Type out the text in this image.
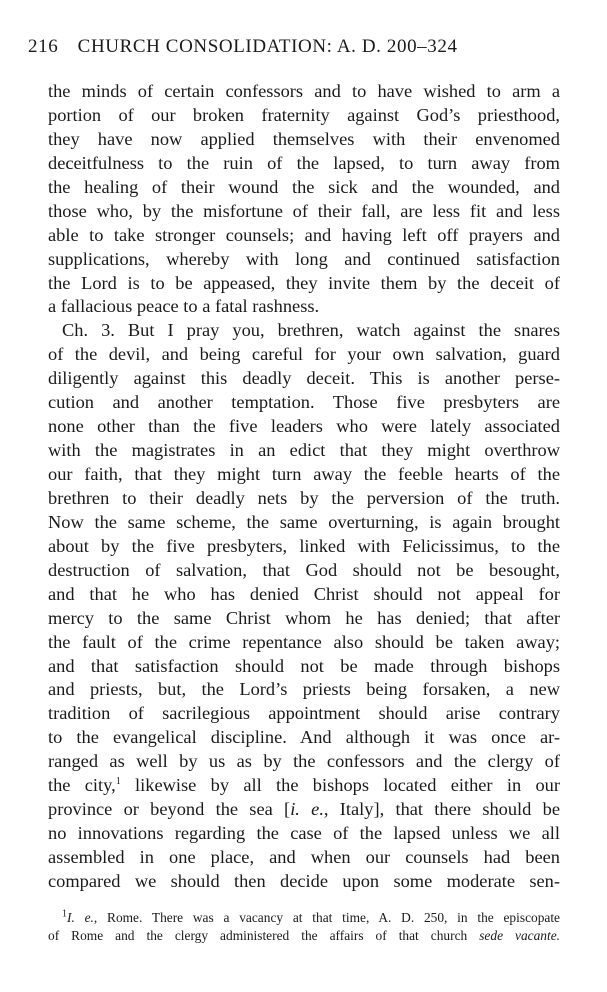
216 CHURCH CONSOLIDATION: A. D. 200–324
the minds of certain confessors and to have wished to arm a
portion of our broken fraternity against God’s priesthood,
they have now applied themselves with their envenomed
deceitfulness to the ruin of the lapsed, to turn away from
the healing of their wound the sick and the wounded, and
those who, by the misfortune of their fall, are less fit and less
able to take stronger counsels; and having left off prayers and
supplications, whereby with long and continued satisfaction
the Lord is to be appeased, they invite them by the deceit of
a fallacious peace to a fatal rashness.
Ch. 3. But I pray you, brethren, watch against the snares
of the devil, and being careful for your own salvation, guard
diligently against this deadly deceit. This is another perse-
cution and another temptation. Those five presbyters are
none other than the five leaders who were lately associated
with the magistrates in an edict that they might overthrow
our faith, that they might turn away the feeble hearts of the
brethren to their deadly nets by the perversion of the truth.
Now the same scheme, the same overturning, is again brought
about by the five presbyters, linked with Felicissimus, to the
destruction of salvation, that God should not be besought,
and that he who has denied Christ should not appeal for
mercy to the same Christ whom he has denied; that after
the fault of the crime repentance also should be taken away;
and that satisfaction should not be made through bishops
and priests, but, the Lord’s priests being forsaken, a new
tradition of sacrilegious appointment should arise contrary
to the evangelical discipline. And although it was once ar-
ranged as well by us as by the confessors and the clergy of
the city,$^1$ likewise by all the bishops located either in our
province or beyond the sea [i. e., Italy], that there should be
no innovations regarding the case of the lapsed unless we all
assembled in one place, and when our counsels had been
compared we should then decide upon some moderate sen-
$^1$I. e., Rome. There was a vacancy at that time, A. D. 250, in the episcopate
of Rome and the clergy administered the affairs of that church sede vacante.
